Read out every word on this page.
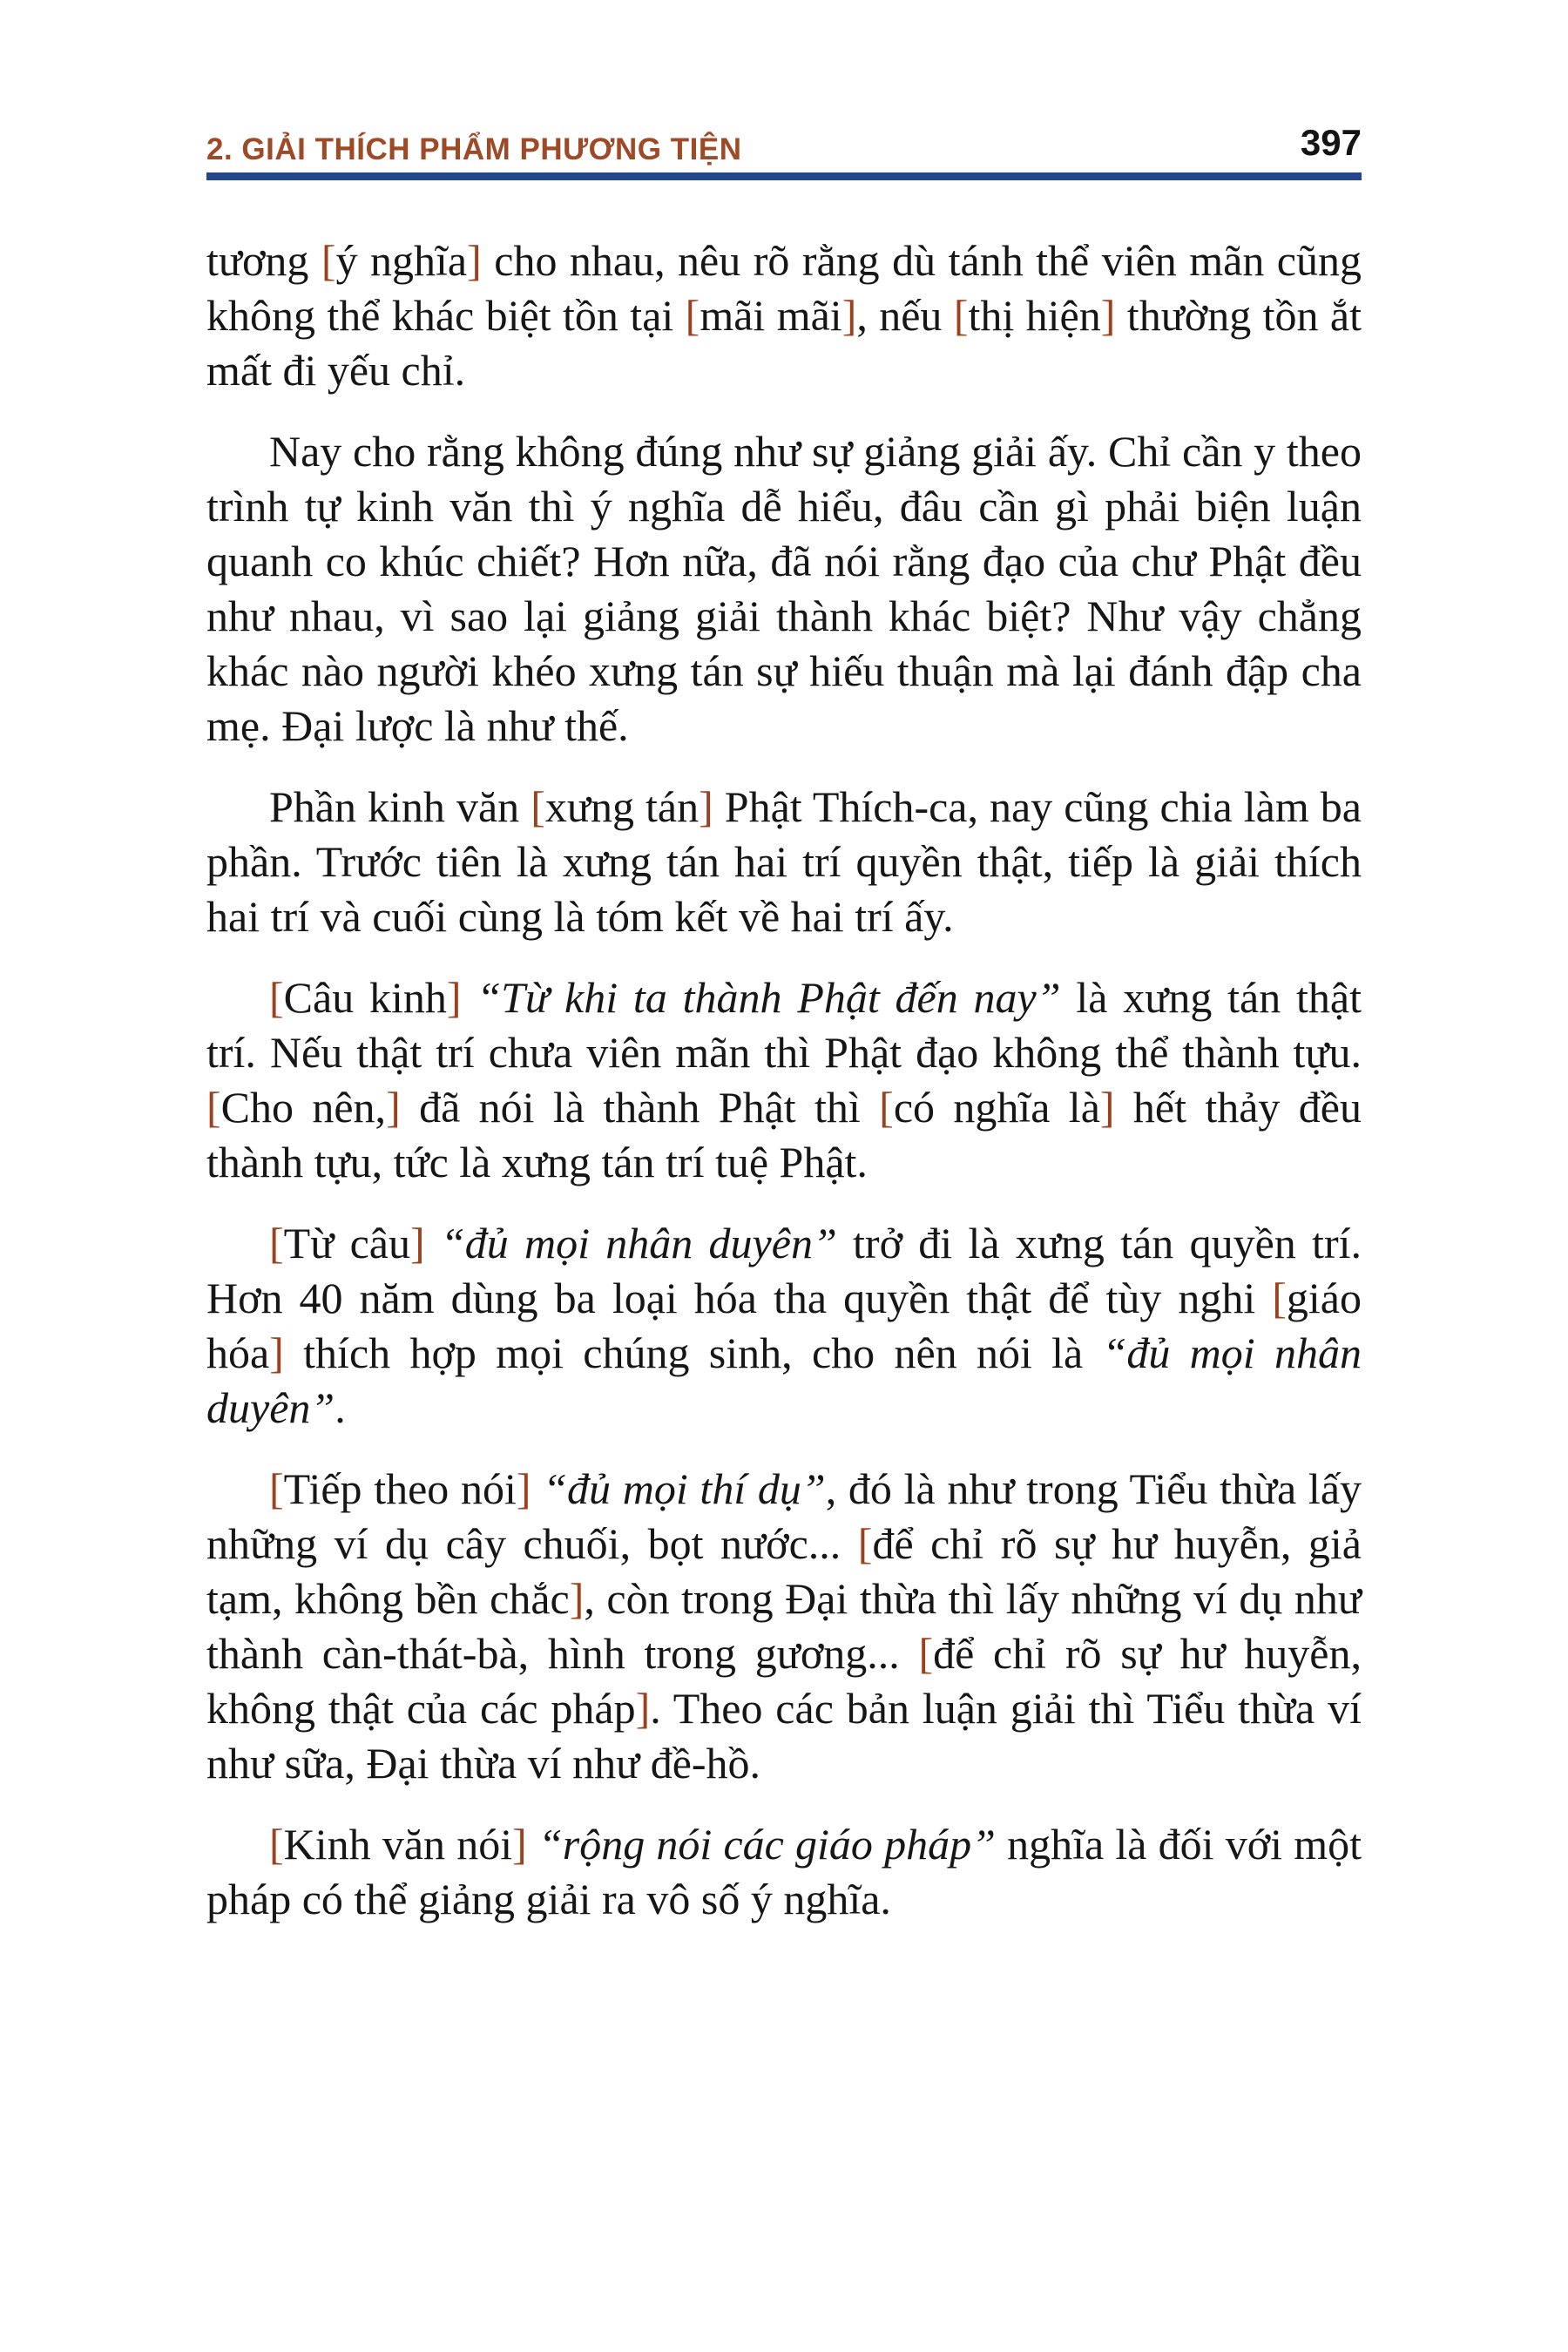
2. GIẢI THÍCH PHẨM PHƯƠNG TIỆN	397

tương [ý nghĩa] cho nhau, nêu rõ rằng dù tánh thể viên mãn cũng không thể khác biệt tồn tại [mãi mãi], nếu [thị hiện] thường tồn ắt mất đi yếu chỉ.

Nay cho rằng không đúng như sự giảng giải ấy. Chỉ cần y theo trình tự kinh văn thì ý nghĩa dễ hiểu, đâu cần gì phải biện luận quanh co khúc chiết? Hơn nữa, đã nói rằng đạo của chư Phật đều như nhau, vì sao lại giảng giải thành khác biệt? Như vậy chẳng khác nào người khéo xưng tán sự hiếu thuận mà lại đánh đập cha mẹ. Đại lược là như thế.

Phần kinh văn [xưng tán] Phật Thích-ca, nay cũng chia làm ba phần. Trước tiên là xưng tán hai trí quyền thật, tiếp là giải thích hai trí và cuối cùng là tóm kết về hai trí ấy.

[Câu kinh] “Từ khi ta thành Phật đến nay” là xưng tán thật trí. Nếu thật trí chưa viên mãn thì Phật đạo không thể thành tựu. [Cho nên,] đã nói là thành Phật thì [có nghĩa là] hết thảy đều thành tựu, tức là xưng tán trí tuệ Phật.

[Từ câu] “đủ mọi nhân duyên” trở đi là xưng tán quyền trí. Hơn 40 năm dùng ba loại hóa tha quyền thật để tùy nghi [giáo hóa] thích hợp mọi chúng sinh, cho nên nói là “đủ mọi nhân duyên”.

[Tiếp theo nói] “đủ mọi thí dụ”, đó là như trong Tiểu thừa lấy những ví dụ cây chuối, bọt nước... [để chỉ rõ sự hư huyễn, giả tạm, không bền chắc], còn trong Đại thừa thì lấy những ví dụ như thành càn-thát-bà, hình trong gương... [để chỉ rõ sự hư huyễn, không thật của các pháp]. Theo các bản luận giải thì Tiểu thừa ví như sữa, Đại thừa ví như đề-hồ.

[Kinh văn nói] “rộng nói các giáo pháp” nghĩa là đối với một pháp có thể giảng giải ra vô số ý nghĩa.
